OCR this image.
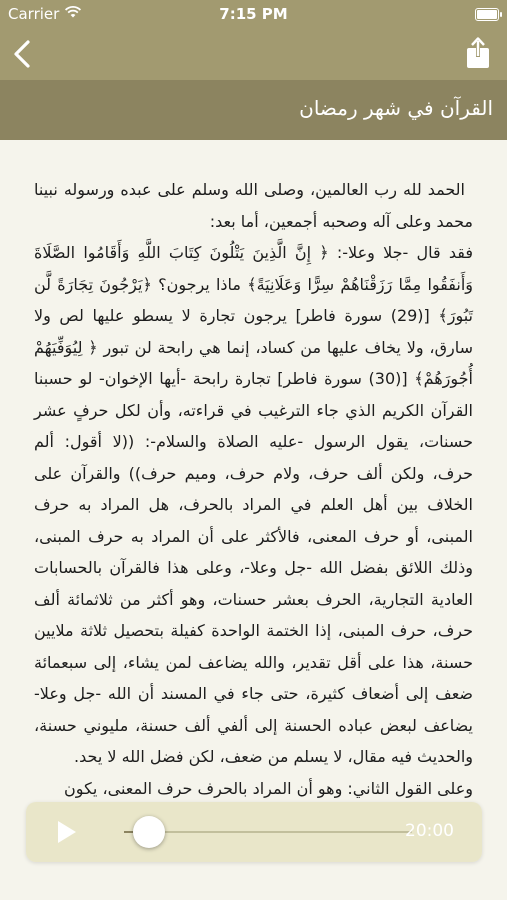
Carrier	7:15 PM
القرآن في شهر رمضان
الحمد لله رب العالمين، وصلى الله وسلم على عبده ورسوله نبينا محمد وعلى آله وصحبه أجمعين، أما بعد:
فقد قال -جلا وعلا-: ﴿ إِنَّ الَّذِينَ يَتْلُونَ كِتَابَ اللَّهِ وَأَقَامُوا الصَّلَاةَ وَأَنفَقُوا مِمَّا رَزَقْنَاهُمْ سِرًّا وَعَلَانِيَةً﴾ ماذا يرجون؟ ﴿يَرْجُونَ تِجَارَةً لَّن تَبُورَ﴾ [(29) سورة فاطر] يرجون تجارة لا يسطو عليها لص ولا سارق، ولا يخاف عليها من كساد، إنما هي رابحة لن تبور ﴿ لِيُوَفِّيَهُمْ أُجُورَهُمْ﴾ [(30) سورة فاطر] تجارة رابحة -أيها الإخوان- لو حسبنا القرآن الكريم الذي جاء الترغيب في قراءته، وأن لكل حرفٍ عشر حسنات، يقول الرسول -عليه الصلاة والسلام-: ((لا أقول: ألم حرف، ولكن ألف حرف، ولام حرف، وميم حرف)) والقرآن على الخلاف بين أهل العلم في المراد بالحرف، هل المراد به حرف المبنى، أو حرف المعنى، فالأكثر على أن المراد به حرف المبنى، وذلك اللائق بفضل الله -جل وعلا-، وعلى هذا فالقرآن بالحسابات العادية التجارية، الحرف بعشر حسنات، وهو أكثر من ثلاثمائة ألف حرف، حرف المبنى، إذا الختمة الواحدة كفيلة بتحصيل ثلاثة ملايين حسنة، هذا على أقل تقدير، والله يضاعف لمن يشاء، إلى سبعمائة ضعف إلى أضعاف كثيرة، حتى جاء في المسند أن الله -جل وعلا- يضاعف لبعض عباده الحسنة إلى ألفي ألف حسنة، مليوني حسنة، والحديث فيه مقال، لا يسلم من ضعف، لكن فضل الله لا يحد.
وعلى القول الثاني: وهو أن المراد بالحرف حرف المعنى، يكون
20:00
